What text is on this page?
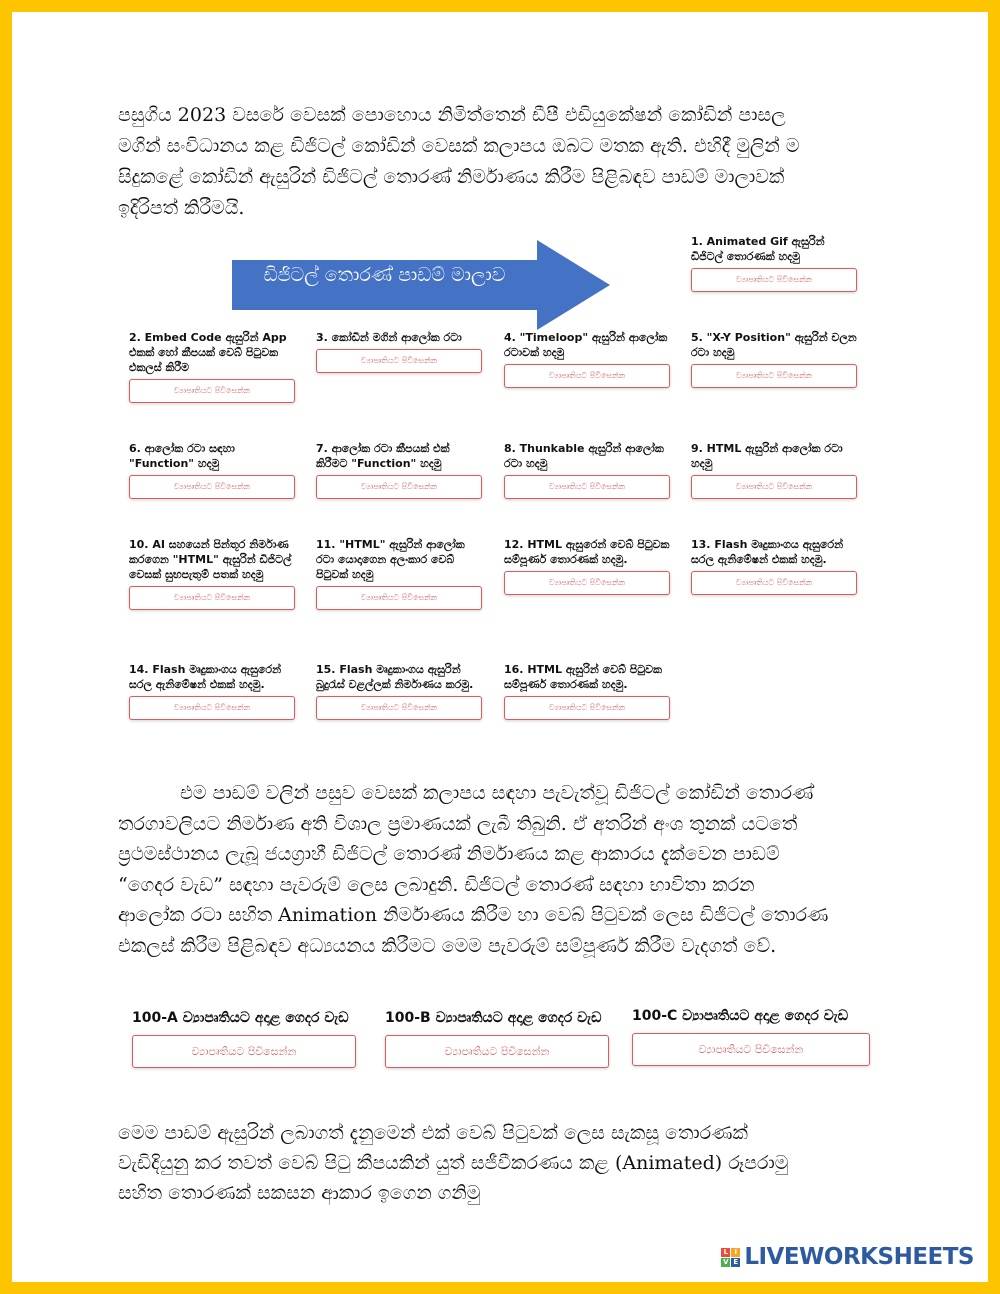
පසුගිය 2023 වසරේ වෙසක් පොහොය නිමිත්තෙන් ඩීපී එඩියුකේෂන් කෝඩින් පාසල
මගින් සංවිධානය කළ ඩිජිටල් කෝඩින් වෙසක් කලාපය ඔබට මතක ඇති. එහිදී මුලින් ම
සිදුකළේ කෝඩින් ඇසුරින් ඩිජිටල් තොරණ් නිර්මාණය කිරීම පිළිබඳව පාඩම් මාලාවක්
ඉදිරිපත් කිරීමයි.
ඩිජිටල් තොරණ් පාඩම් මාලාව
1. Animated Gif ඇසුරින් ඩිජිටල් තොරණක් හදමු
ව්‍යාපෘතියට පිවිසෙන්න
2. Embed Code ඇසුරින් App එකක් හෝ කීපයක් වෙබ් පිටුවක එකලස් කිරීම
ව්‍යාපෘතියට පිවිසෙන්න
3. කෝඩින් මගින් ආලෝක රටා
ව්‍යාපෘතියට පිවිසෙන්න
4. "Timeloop" ඇසුරින් ආලෝක රටාවක් හදමු
ව්‍යාපෘතියට පිවිසෙන්න
5. "X-Y Position" ඇසුරින් චලන රටා හදමු
ව්‍යාපෘතියට පිවිසෙන්න
6. ආලෝක රටා සඳහා "Function" හදමු
ව්‍යාපෘතියට පිවිසෙන්න
7. ආලෝක රටා කීපයක් එක් කිරීමට "Function" හදමු
ව්‍යාපෘතියට පිවිසෙන්න
8. Thunkable ඇසුරින් ආලෝක රටා හදමු
ව්‍යාපෘතියට පිවිසෙන්න
9. HTML ඇසුරින් ආලෝක රටා හදමු
ව්‍යාපෘතියට පිවිසෙන්න
10. AI සහයෙන් පින්තූර නිර්මාණ කරගෙන "HTML" ඇසුරින් ඩිජිටල් වෙසක් සුභපැතුම් පතක් හදමු
ව්‍යාපෘතියට පිවිසෙන්න
11. "HTML" ඇසුරින් ආලෝක රටා යොදාගෙන අලංකාර වෙබ් පිටුවක් හදමු
ව්‍යාපෘතියට පිවිසෙන්න
12. HTML ඇසුරෙන් වෙබ් පිටුවක සම්පූර්ණ තොරණක් හදමු.
ව්‍යාපෘතියට පිවිසෙන්න
13. Flash මෘදුකාංගය ඇසුරෙන් සරල ඇනිමේෂන් එකක් හදමු.
ව්‍යාපෘතියට පිවිසෙන්න
14. Flash මෘදුකාංගය ඇසුරෙන් සරල ඇනිමේෂන් එකක් හදමු.
ව්‍යාපෘතියට පිවිසෙන්න
15. Flash මෘදුකාංගය ඇසුරින් බුදුරැස් වළල්ලක් නිර්මාණය කරමු.
ව්‍යාපෘතියට පිවිසෙන්න
16. HTML ඇසුරින් වෙබ් පිටුවක සම්පූර්ණ තොරණක් හදමු.
ව්‍යාපෘතියට පිවිසෙන්න
එම පාඩම් වලින් පසුව වෙසක් කලාපය සඳහා පැවැත්වූ ඩිජිටල් කෝඩින් තොරණ්
තරගාවලියට නිර්මාණ අති විශාල ප්‍රමාණයක් ලැබී තිබුනි. ඒ අතරින් අංශ තුනක් යටතේ
ප්‍රථමස්ථානය ලැබූ ජයග්‍රාහී ඩිජිටල් තොරණ් නිර්මාණය කළ ආකාරය දැක්වෙන පාඩම්
“ගෙදර වැඩ” සඳහා පැවරුම් ලෙස ලබාදුනි. ඩිජිටල් තොරණ් සඳහා භාවිතා කරන
ආලෝක රටා සහිත Animation නිර්මාණය කිරීම හා වෙබ් පිටුවක් ලෙස ඩිජිටල් තොරණ
එකලස් කිරීම පිළිබඳව අධ්‍යයනය කිරීමට මෙම පැවරුම් සම්පූර්ණ කිරීම වැදගත් වේ.
100-A ව්‍යාපෘතියට අදාළ ගෙදර වැඩ
ව්‍යාපෘතියට පිවිසෙන්න
100-B ව්‍යාපෘතියට අදාළ ගෙදර වැඩ
ව්‍යාපෘතියට පිවිසෙන්න
100-C ව්‍යාපෘතියට අදාළ ගෙදර වැඩ
ව්‍යාපෘතියට පිවිසෙන්න
මෙම පාඩම් ඇසුරින් ලබාගත් දැනුමෙන් එක් වෙබ් පිටුවක් ලෙස සැකසූ තොරණක්
වැඩිදියුනු කර තවත් වෙබ් පිටු කීපයකින් යුත් සජීවීකරණය කළ (Animated) රූපරාමු
සහිත තොරණක් සකසන ආකාර ඉගෙන ගනිමු
L I
V E LIVEWORKSHEETS
